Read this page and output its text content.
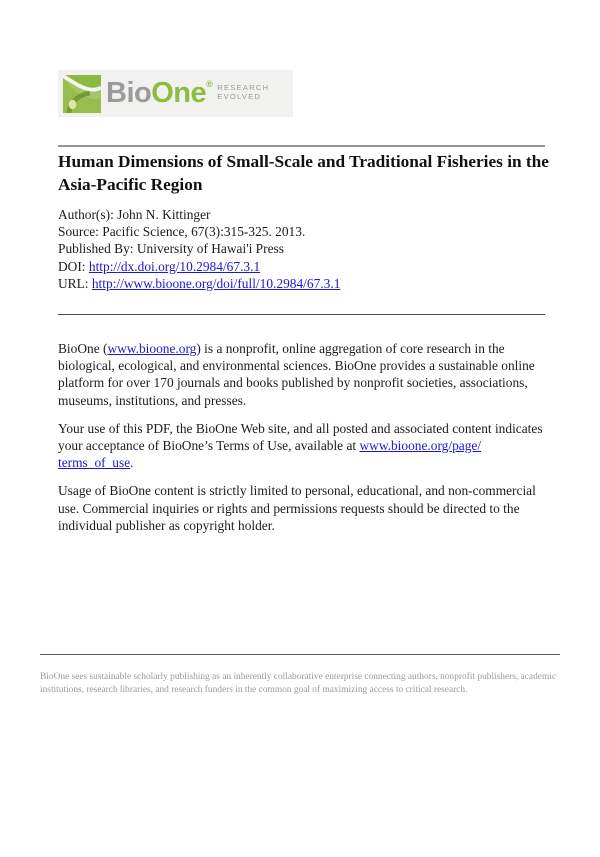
Bio One ® RESEARCH
EVOLVED
Human Dimensions of Small-Scale and Traditional Fisheries in the Asia-Pacific Region
Author(s): John N. Kittinger
Source: Pacific Science, 67(3):315-325. 2013.
Published By: University of Hawai'i Press
DOI: http://dx.doi.org/10.2984/67.3.1
URL: http://www.bioone.org/doi/full/10.2984/67.3.1

BioOne (www.bioone.org) is a nonprofit, online aggregation of core research in the biological, ecological, and environmental sciences. BioOne provides a sustainable online platform for over 170 journals and books published by nonprofit societies, associations, museums, institutions, and presses.

Your use of this PDF, the BioOne Web site, and all posted and associated content indicates your acceptance of BioOne’s Terms of Use, available at www.bioone.org/page/terms_of_use.

Usage of BioOne content is strictly limited to personal, educational, and non-commercial use. Commercial inquiries or rights and permissions requests should be directed to the individual publisher as copyright holder.

BioOne sees sustainable scholarly publishing as an inherently collaborative enterprise connecting authors, nonprofit publishers, academic institutions, research libraries, and research funders in the common goal of maximizing access to critical research.
